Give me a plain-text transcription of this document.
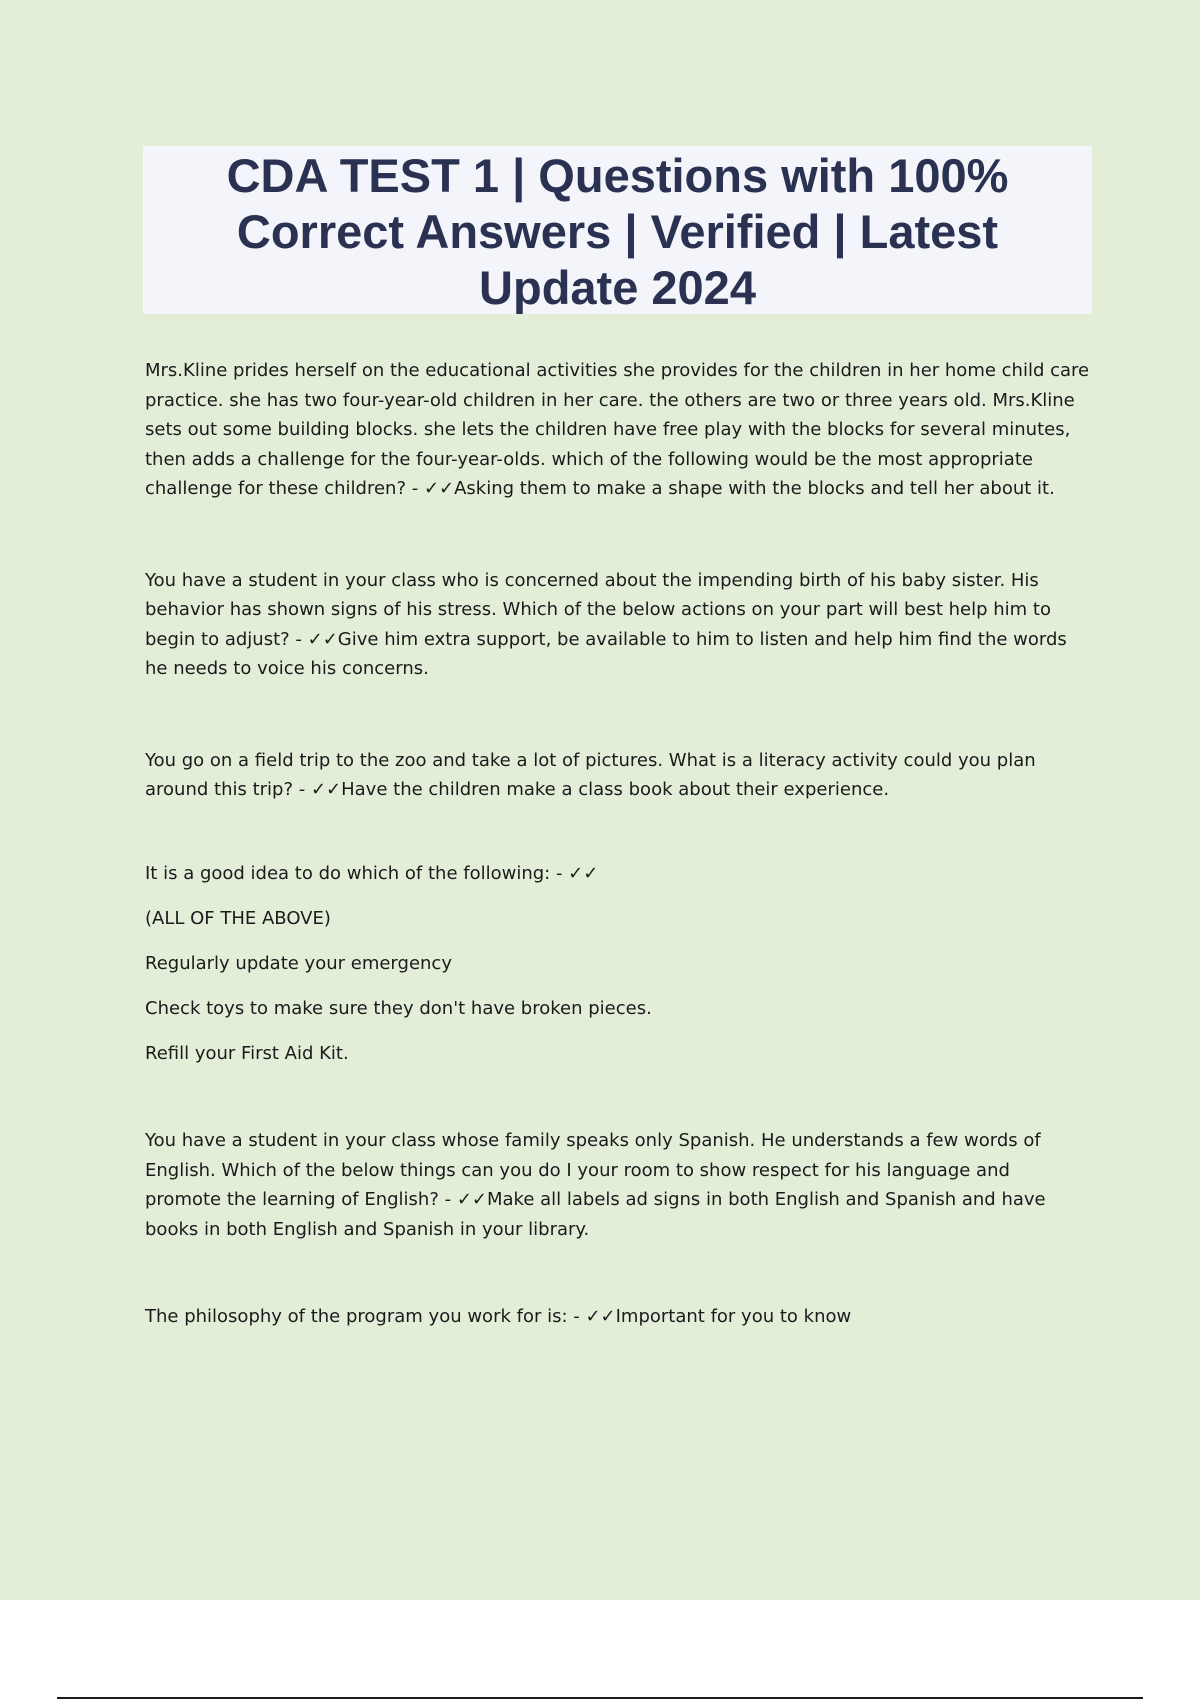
CDA TEST 1 | Questions with 100%
Correct Answers | Verified | Latest
Update 2024

Mrs.Kline prides herself on the educational activities she provides for the children in her home child care practice. she has two four-year-old children in her care. the others are two or three years old. Mrs.Kline sets out some building blocks. she lets the children have free play with the blocks for several minutes, then adds a challenge for the four-year-olds. which of the following would be the most appropriate challenge for these children? - ✓✓Asking them to make a shape with the blocks and tell her about it.

You have a student in your class who is concerned about the impending birth of his baby sister. His behavior has shown signs of his stress. Which of the below actions on your part will best help him to begin to adjust? - ✓✓Give him extra support, be available to him to listen and help him find the words he needs to voice his concerns.

You go on a field trip to the zoo and take a lot of pictures. What is a literacy activity could you plan around this trip? - ✓✓Have the children make a class book about their experience.

It is a good idea to do which of the following: - ✓✓

(ALL OF THE ABOVE)

Regularly update your emergency

Check toys to make sure they don't have broken pieces.

Refill your First Aid Kit.

You have a student in your class whose family speaks only Spanish. He understands a few words of English. Which of the below things can you do I your room to show respect for his language and promote the learning of English? - ✓✓Make all labels ad signs in both English and Spanish and have books in both English and Spanish in your library.

The philosophy of the program you work for is: - ✓✓Important for you to know
